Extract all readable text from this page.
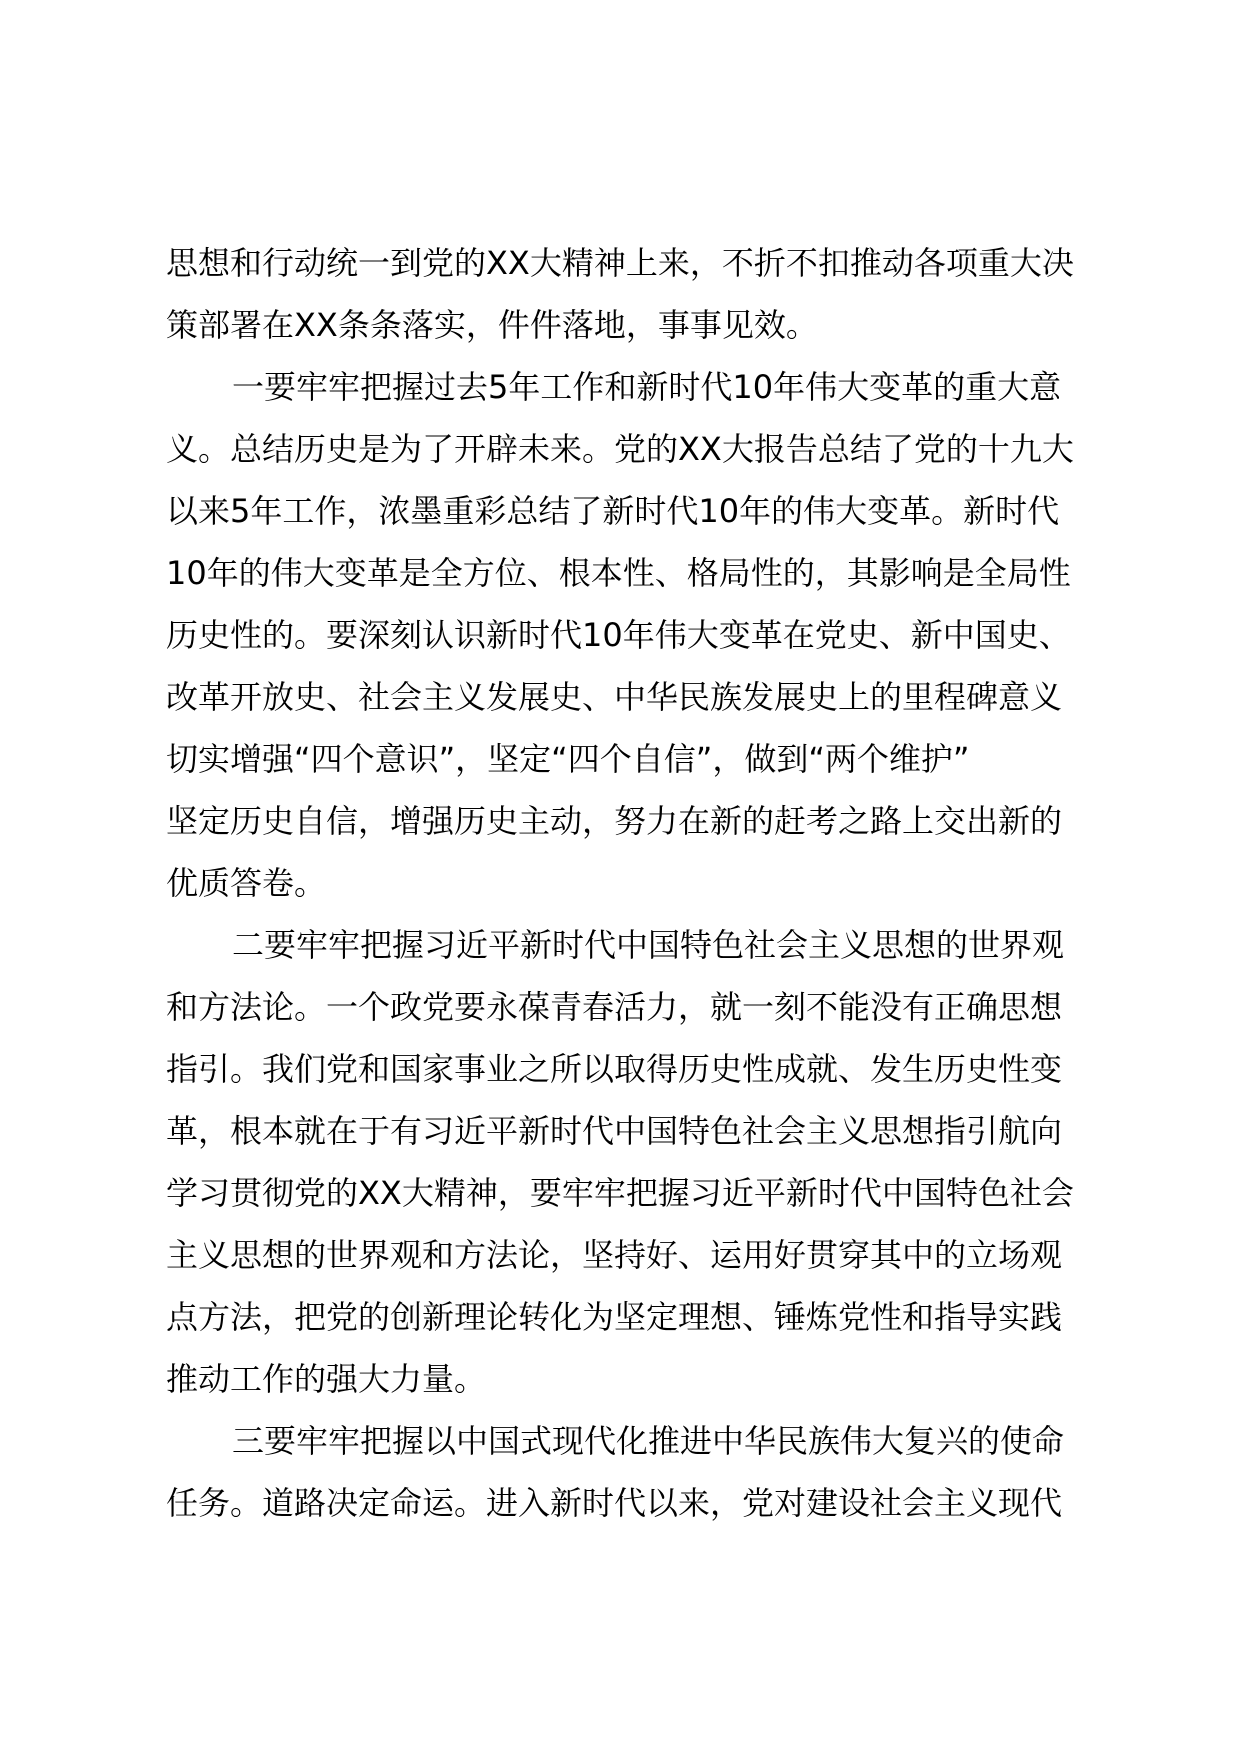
思想和行动统一到党的XX大精神上来，不折不扣推动各项重大决
策部署在XX条条落实，件件落地，事事见效。
一要牢牢把握过去5年工作和新时代10年伟大变革的重大意
义。总结历史是为了开辟未来。党的XX大报告总结了党的十九大
以来5年工作，浓墨重彩总结了新时代10年的伟大变革。新时代
10年的伟大变革是全方位、根本性、格局性的，其影响是全局性
历史性的。要深刻认识新时代10年伟大变革在党史、新中国史、
改革开放史、社会主义发展史、中华民族发展史上的里程碑意义
切实增强“四个意识”，坚定“四个自信”，做到“两个维护”
坚定历史自信，增强历史主动，努力在新的赶考之路上交出新的
优质答卷。
二要牢牢把握习近平新时代中国特色社会主义思想的世界观
和方法论。一个政党要永葆青春活力，就一刻不能没有正确思想
指引。我们党和国家事业之所以取得历史性成就、发生历史性变
革，根本就在于有习近平新时代中国特色社会主义思想指引航向
学习贯彻党的XX大精神，要牢牢把握习近平新时代中国特色社会
主义思想的世界观和方法论，坚持好、运用好贯穿其中的立场观
点方法，把党的创新理论转化为坚定理想、锤炼党性和指导实践
推动工作的强大力量。
三要牢牢把握以中国式现代化推进中华民族伟大复兴的使命
任务。道路决定命运。进入新时代以来，党对建设社会主义现代
